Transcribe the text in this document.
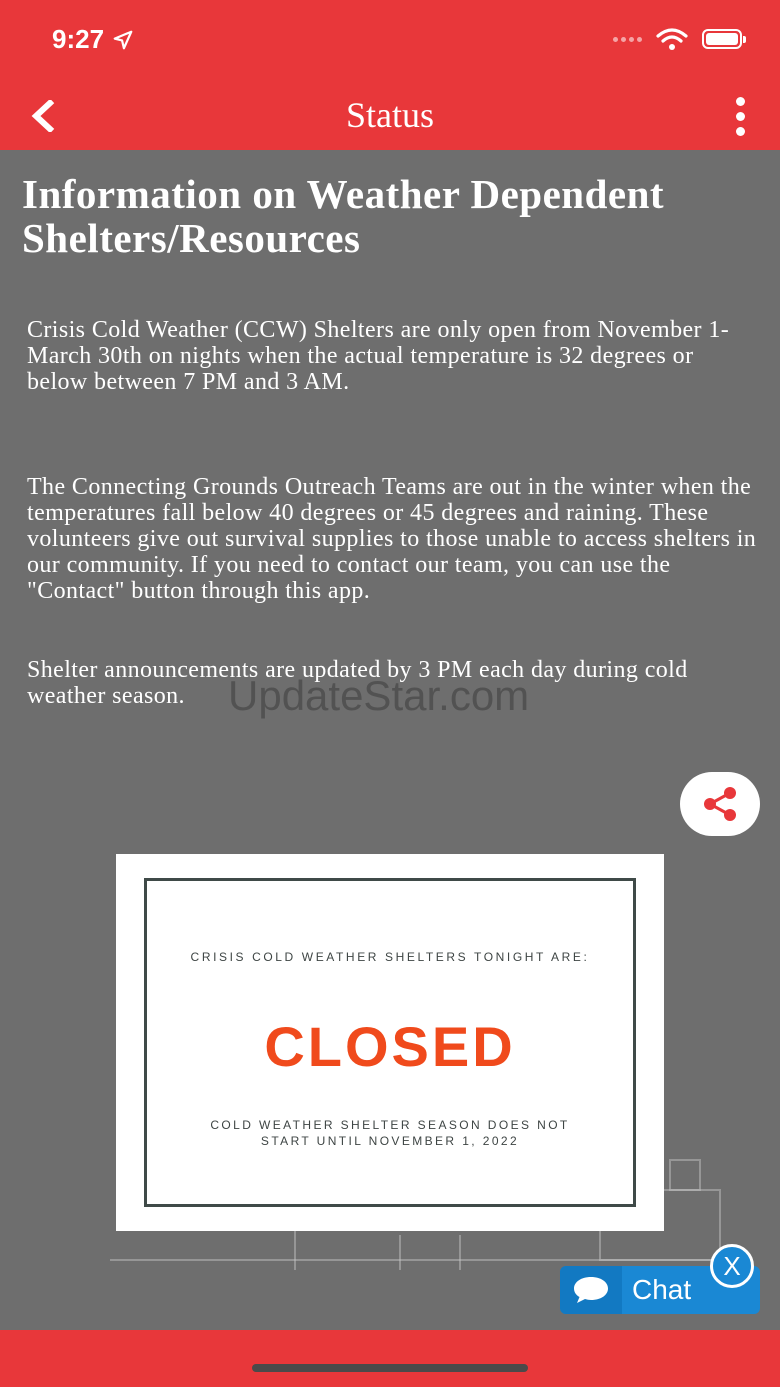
9:27
Status
Information on Weather Dependent Shelters/Resources

Crisis Cold Weather (CCW) Shelters are only open from November 1-March 30th on nights when the actual temperature is 32 degrees or below between 7 PM and 3 AM.

The Connecting Grounds Outreach Teams are out in the winter when the temperatures fall below 40 degrees or 45 degrees and raining. These volunteers give out survival supplies to those unable to access shelters in our community. If you need to contact our team, you can use the "Contact" button through this app.

Shelter announcements are updated by 3 PM each day during cold weather season.	UpdateStar.com
CRISIS COLD WEATHER SHELTERS TONIGHT ARE:
CLOSED
COLD WEATHER SHELTER SEASON DOES NOT START UNTIL NOVEMBER 1, 2022
Chat
X
